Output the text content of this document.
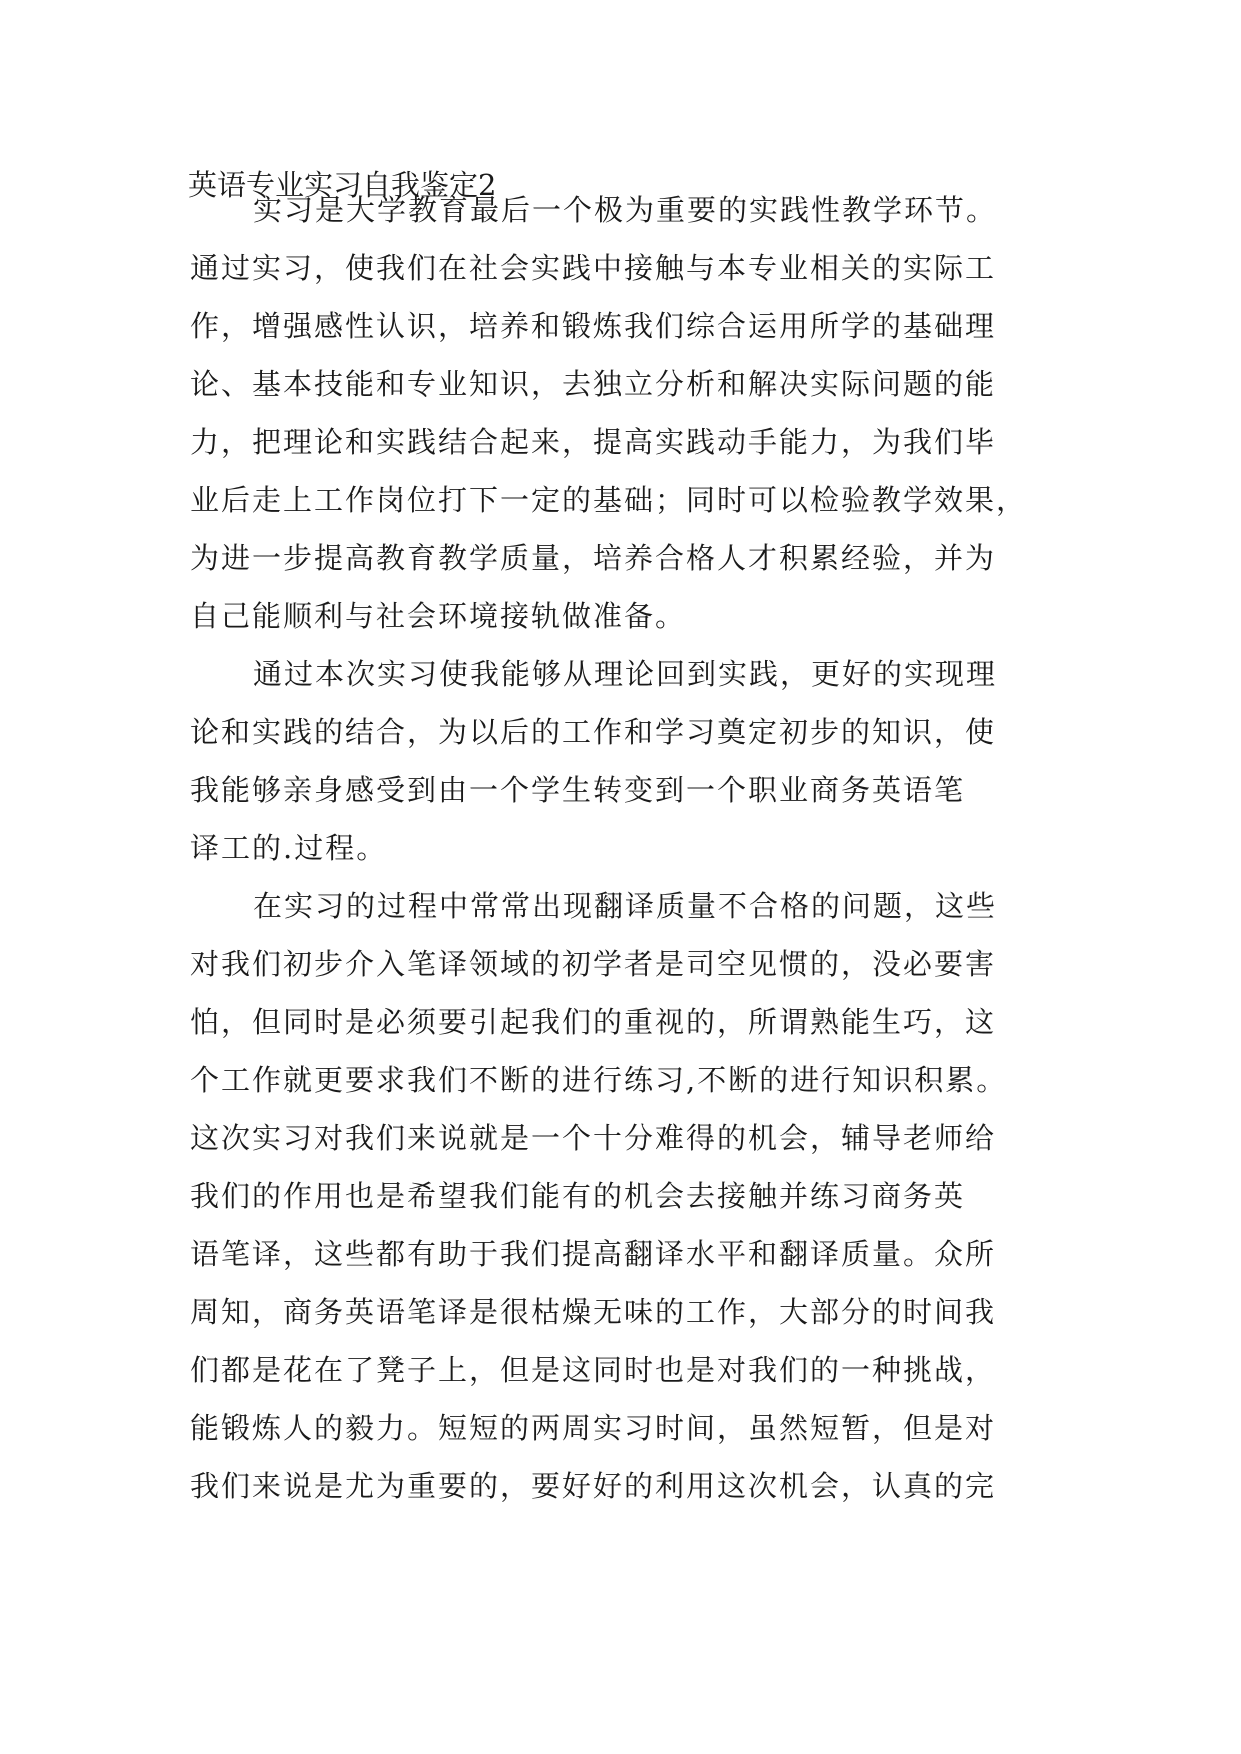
英语专业实习自我鉴定2
实习是大学教育最后一个极为重要的实践性教学环节。
通过实习，使我们在社会实践中接触与本专业相关的实际工
作，增强感性认识，培养和锻炼我们综合运用所学的基础理
论、基本技能和专业知识，去独立分析和解决实际问题的能
力，把理论和实践结合起来，提高实践动手能力，为我们毕
业后走上工作岗位打下一定的基础；同时可以检验教学效果，
为进一步提高教育教学质量，培养合格人才积累经验，并为
自己能顺利与社会环境接轨做准备。
通过本次实习使我能够从理论回到实践，更好的实现理
论和实践的结合，为以后的工作和学习奠定初步的知识，使
我能够亲身感受到由一个学生转变到一个职业商务英语笔
译工的.过程。
在实习的过程中常常出现翻译质量不合格的问题，这些
对我们初步介入笔译领域的初学者是司空见惯的，没必要害
怕，但同时是必须要引起我们的重视的，所谓熟能生巧，这
个工作就更要求我们不断的进行练习,不断的进行知识积累。
这次实习对我们来说就是一个十分难得的机会，辅导老师给
我们的作用也是希望我们能有的机会去接触并练习商务英
语笔译，这些都有助于我们提高翻译水平和翻译质量。众所
周知，商务英语笔译是很枯燥无味的工作，大部分的时间我
们都是花在了凳子上，但是这同时也是对我们的一种挑战，
能锻炼人的毅力。短短的两周实习时间，虽然短暂，但是对
我们来说是尤为重要的，要好好的利用这次机会，认真的完
